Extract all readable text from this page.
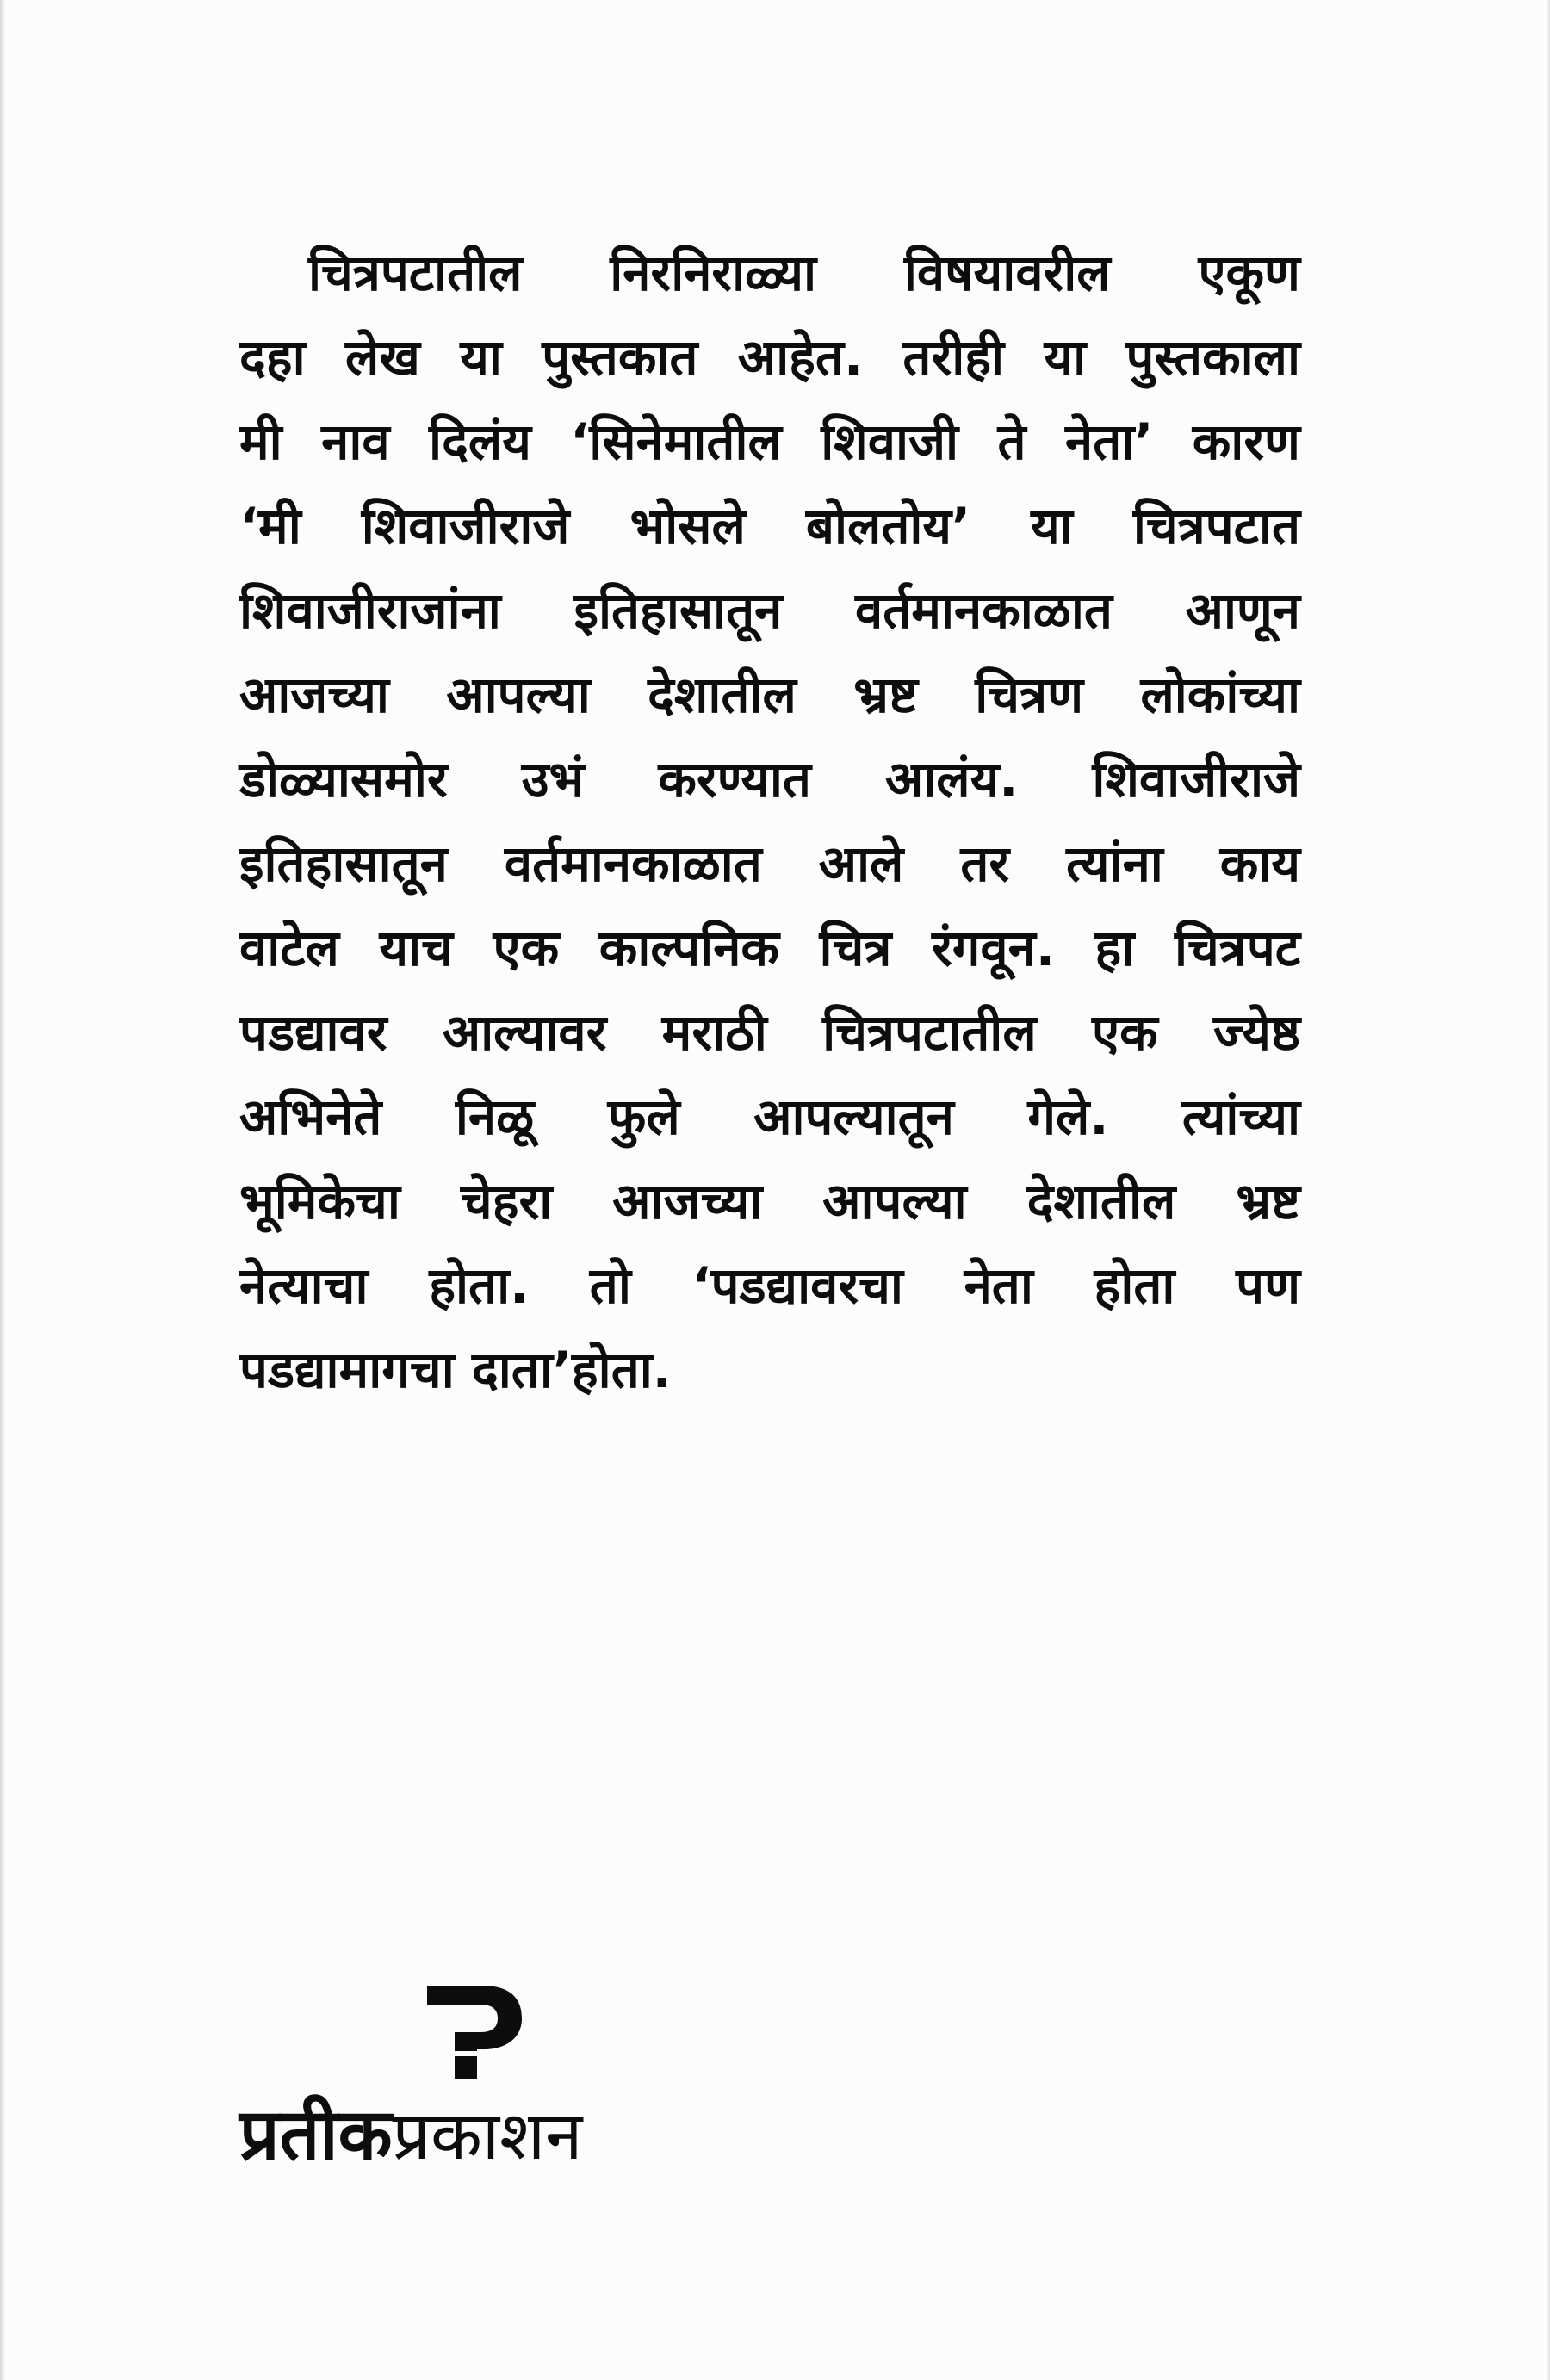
चित्रपटातील निरनिराळ्या विषयावरील एकूण
दहा लेख या पुस्तकात आहेत. तरीही या पुस्तकाला
मी नाव दिलंय ‘सिनेमातील शिवाजी ते नेता’ कारण
‘मी शिवाजीराजे भोसले बोलतोय’ या चित्रपटात
शिवाजीराजांना इतिहासातून वर्तमानकाळात आणून
आजच्या आपल्या देशातील भ्रष्ट चित्रण लोकांच्या
डोळ्यासमोर उभं करण्यात आलंय. शिवाजीराजे
इतिहासातून वर्तमानकाळात आले तर त्यांना काय
वाटेल याच एक काल्पनिक चित्र रंगवून. हा चित्रपट
पडद्यावर आल्यावर मराठी चित्रपटातील एक ज्येष्ठ
अभिनेते निळू फुले आपल्यातून गेले. त्यांच्या
भूमिकेचा चेहरा आजच्या आपल्या देशातील भ्रष्ट
नेत्याचा होता. तो ‘पडद्यावरचा नेता होता पण
पडद्यामागचा दाता’होता.
प्रतीकप्रकाशन
